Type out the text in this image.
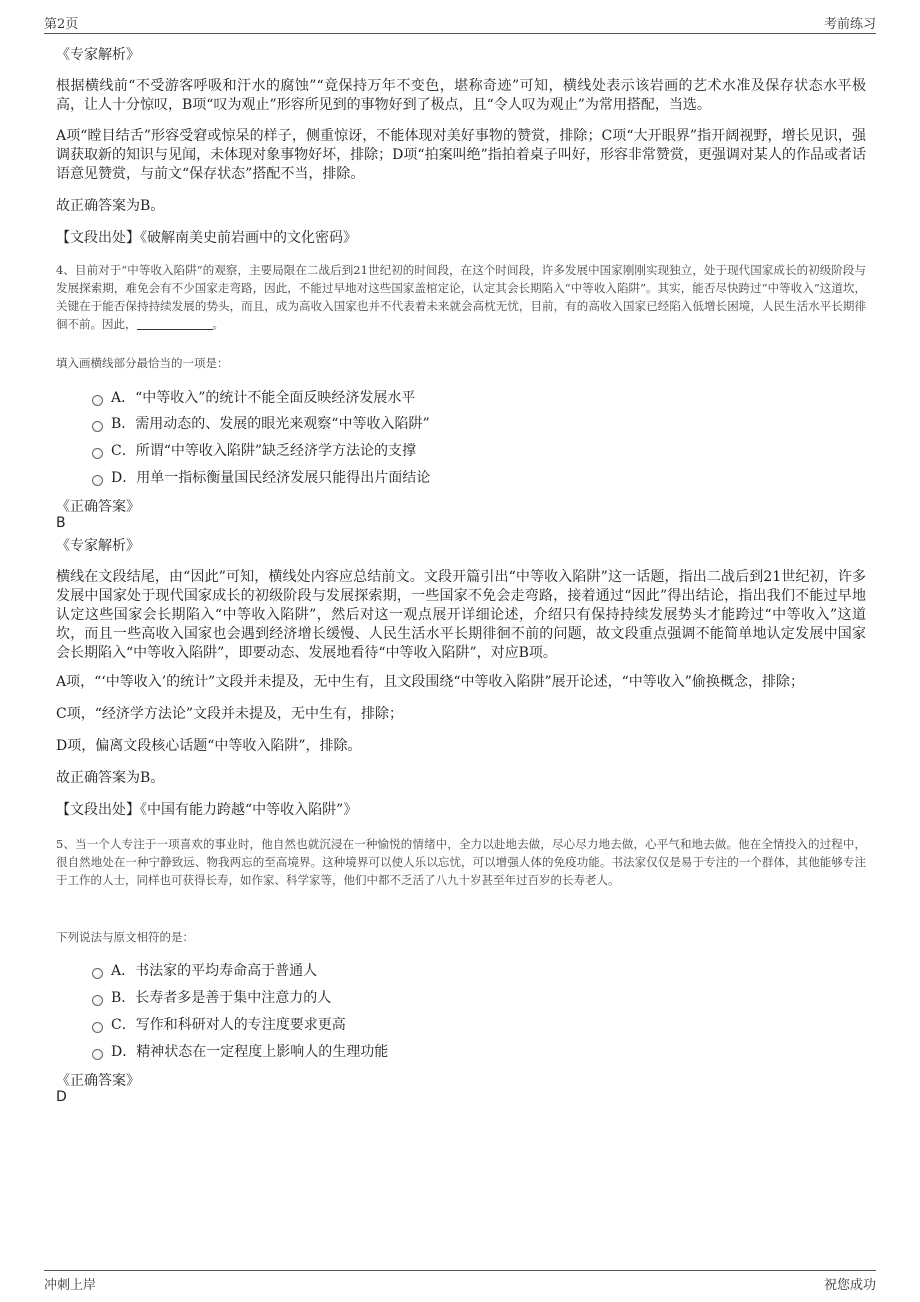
第2页	考前练习
《专家解析》

根据横线前“不受游客呼吸和汗水的腐蚀”“竟保持万年不变色，堪称奇迹”可知，横线处表示该岩画的艺术水准及保存状态水平极高，让人十分惊叹，B项“叹为观止”形容所见到的事物好到了极点，且“令人叹为观止”为常用搭配，当选。

A项“瞠目结舌”形容受窘或惊呆的样子，侧重惊讶，不能体现对美好事物的赞赏，排除；C项“大开眼界”指开阔视野，增长见识，强调获取新的知识与见闻，未体现对象事物好坏，排除；D项“拍案叫绝”指拍着桌子叫好，形容非常赞赏，更强调对某人的作品或者话语意见赞赏，与前文“保存状态”搭配不当，排除。

故正确答案为B。

【文段出处】《破解南美史前岩画中的文化密码》

4、目前对于“中等收入陷阱”的观察，主要局限在二战后到21世纪初的时间段，在这个时间段，许多发展中国家刚刚实现独立，处于现代国家成长的初级阶段与发展探索期，难免会有不少国家走弯路，因此，不能过早地对这些国家盖棺定论，认定其会长期陷入“中等收入陷阱”。其实，能否尽快跨过“中等收入”这道坎，关键在于能否保持持续发展的势头，而且，成为高收入国家也并不代表着未来就会高枕无忧，目前，有的高收入国家已经陷入低增长困境，人民生活水平长期徘徊不前。因此，	。

填入画横线部分最恰当的一项是：

A．“中等收入”的统计不能全面反映经济发展水平
B．需用动态的、发展的眼光来观察“中等收入陷阱”
C．所谓“中等收入陷阱”缺乏经济学方法论的支撑
D．用单一指标衡量国民经济发展只能得出片面结论
《正确答案》
B
《专家解析》

横线在文段结尾，由“因此”可知，横线处内容应总结前文。文段开篇引出“中等收入陷阱”这一话题，指出二战后到21世纪初，许多发展中国家处于现代国家成长的初级阶段与发展探索期，一些国家不免会走弯路，接着通过“因此”得出结论，指出我们不能过早地认定这些国家会长期陷入“中等收入陷阱”，然后对这一观点展开详细论述，介绍只有保持持续发展势头才能跨过“中等收入”这道坎，而且一些高收入国家也会遇到经济增长缓慢、人民生活水平长期徘徊不前的问题，故文段重点强调不能简单地认定发展中国家会长期陷入“中等收入陷阱”，即要动态、发展地看待“中等收入陷阱”，对应B项。

A项，“‘中等收入’的统计”文段并未提及，无中生有，且文段围绕“中等收入陷阱”展开论述，“中等收入”偷换概念，排除；

C项，“经济学方法论”文段并未提及，无中生有，排除；

D项，偏离文段核心话题“中等收入陷阱”，排除。

故正确答案为B。

【文段出处】《中国有能力跨越“中等收入陷阱”》

5、当一个人专注于一项喜欢的事业时，他自然也就沉浸在一种愉悦的情绪中，全力以赴地去做，尽心尽力地去做，心平气和地去做。他在全情投入的过程中，很自然地处在一种宁静致远、物我两忘的至高境界。这种境界可以使人乐以忘忧，可以增强人体的免疫功能。书法家仅仅是易于专注的一个群体，其他能够专注于工作的人士，同样也可获得长寿，如作家、科学家等，他们中都不乏活了八九十岁甚至年过百岁的长寿老人。

下列说法与原文相符的是：

A．书法家的平均寿命高于普通人
B．长寿者多是善于集中注意力的人
C．写作和科研对人的专注度要求更高
D．精神状态在一定程度上影响人的生理功能
《正确答案》
D
冲刺上岸	祝您成功
